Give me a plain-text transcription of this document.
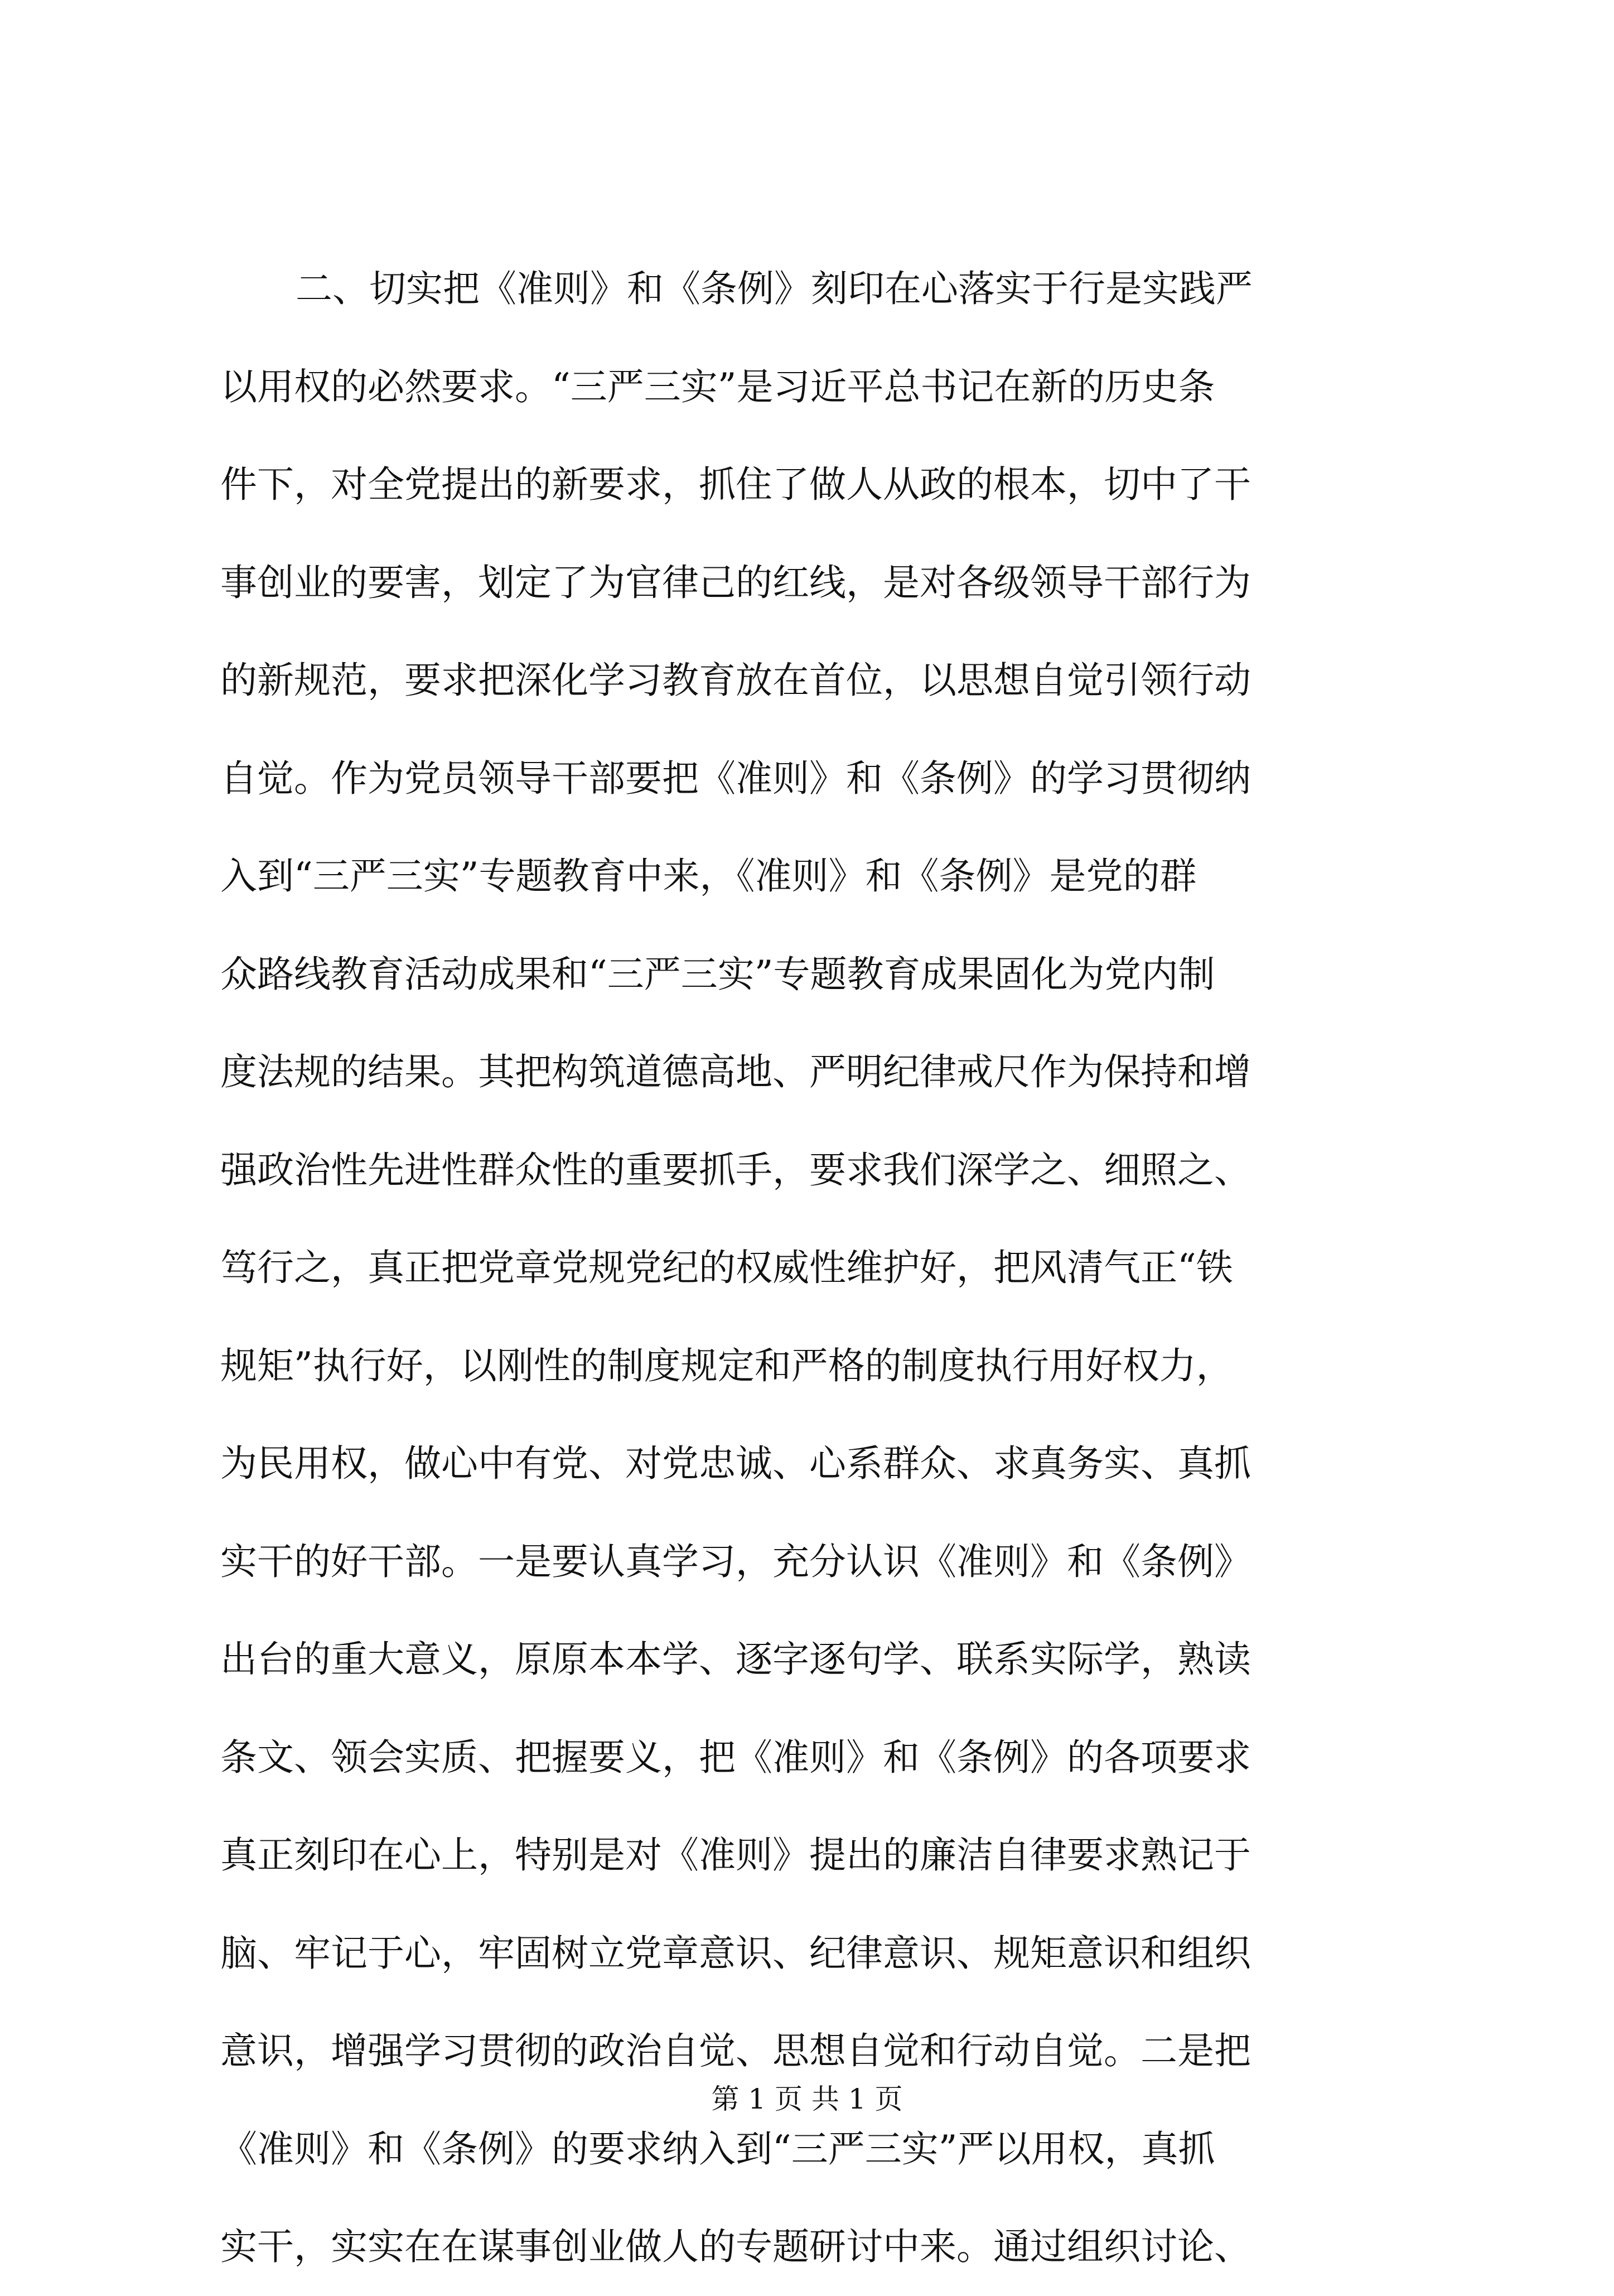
二、切实把《准则》和《条例》刻印在心落实于行是实践严
以用权的必然要求。“三严三实”是习近平总书记在新的历史条
件下，对全党提出的新要求，抓住了做人从政的根本，切中了干
事创业的要害，划定了为官律己的红线，是对各级领导干部行为
的新规范，要求把深化学习教育放在首位，以思想自觉引领行动
自觉。作为党员领导干部要把《准则》和《条例》的学习贯彻纳
入到“三严三实”专题教育中来，《准则》和《条例》是党的群
众路线教育活动成果和“三严三实”专题教育成果固化为党内制
度法规的结果。其把构筑道德高地、严明纪律戒尺作为保持和增
强政治性先进性群众性的重要抓手，要求我们深学之、细照之、
笃行之，真正把党章党规党纪的权威性维护好，把风清气正“铁
规矩”执行好，以刚性的制度规定和严格的制度执行用好权力，
为民用权，做心中有党、对党忠诚、心系群众、求真务实、真抓
实干的好干部。一是要认真学习，充分认识《准则》和《条例》
出台的重大意义，原原本本学、逐字逐句学、联系实际学，熟读
条文、领会实质、把握要义，把《准则》和《条例》的各项要求
真正刻印在心上，特别是对《准则》提出的廉洁自律要求熟记于
脑、牢记于心，牢固树立党章意识、纪律意识、规矩意识和组织
意识，增强学习贯彻的政治自觉、思想自觉和行动自觉。二是把
《准则》和《条例》的要求纳入到“三严三实”严以用权，真抓
实干，实实在在谋事创业做人的专题研讨中来。通过组织讨论、
第 1 页 共 1 页
